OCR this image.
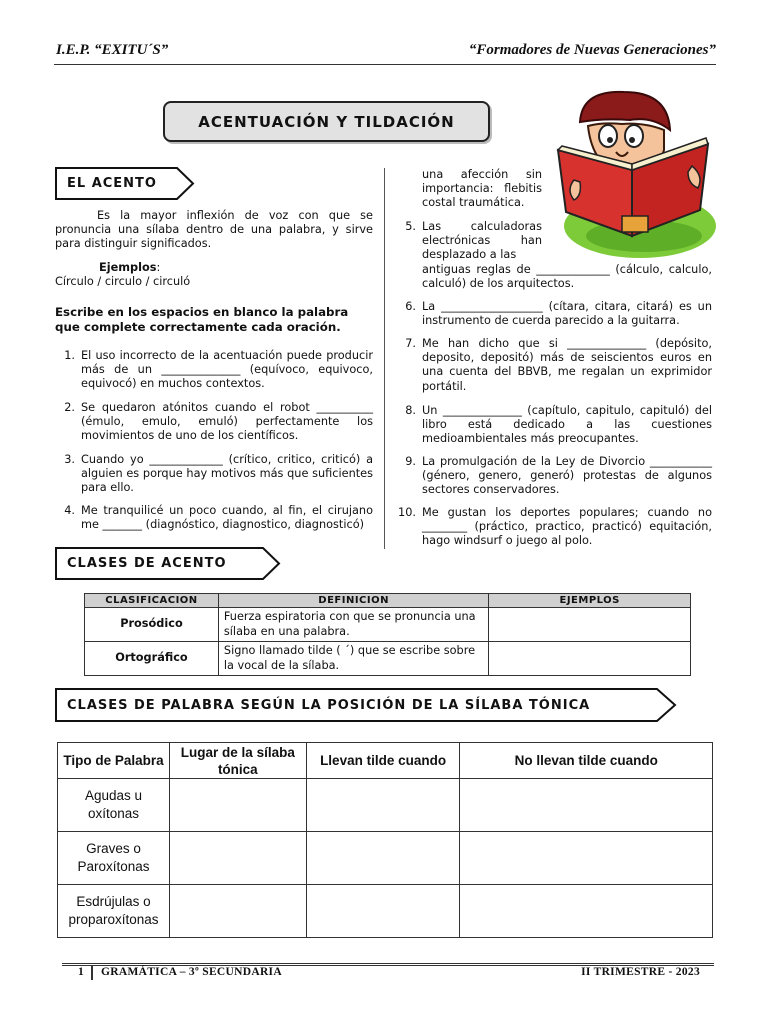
I.E.P. “EXITU´S”	“Formadores de Nuevas Generaciones”
ACENTUACIÓN Y TILDACIÓN
EL ACENTO
Es la mayor inflexión de voz con que se pronuncia una sílaba dentro de una palabra, y sirve para distinguir significados.
Ejemplos:
Círculo / circulo / circuló
Escribe en los espacios en blanco la palabra que complete correctamente cada oración.
1. El uso incorrecto de la acentuación puede producir más de un ______________ (equívoco, equivoco, equivocó) en muchos contextos.
2. Se quedaron atónitos cuando el robot __________ (émulo, emulo, emuló) perfectamente los movimientos de uno de los científicos.
3. Cuando yo _____________ (crítico, critico, criticó) a alguien es porque hay motivos más que suficientes para ello.
4. Me tranquilicé un poco cuando, al fin, el cirujano me _______ (diagnóstico, diagnostico, diagnosticó)
una afección sin importancia: flebitis costal traumática.
5. Las calculadoras electrónicas han desplazado a las
antiguas reglas de _____________ (cálculo, calculo, calculó) de los arquitectos.
6. La __________________ (cítara, citara, citará) es un instrumento de cuerda parecido a la guitarra.
7. Me han dicho que si ______________ (depósito, deposito, depositó) más de seiscientos euros en una cuenta del BBVB, me regalan un exprimidor portátil.
8. Un ______________ (capítulo, capitulo, capituló) del libro está dedicado a las cuestiones medioambientales más preocupantes.
9. La promulgación de la Ley de Divorcio ___________ (género, genero, generó) protestas de algunos sectores conservadores.
10. Me gustan los deportes populares; cuando no ________ (práctico, practico, practicó) equitación, hago windsurf o juego al polo.
CLASES DE ACENTO
CLASIFICACION	DEFINICION	EJEMPLOS
Prosódico	Fuerza espiratoria con que se pronuncia una sílaba en una palabra.	
Ortográfico	Signo llamado tilde ( ´) que se escribe sobre la vocal de la sílaba.	
CLASES DE PALABRA SEGÚN LA POSICIÓN DE LA SÍLABA TÓNICA
Tipo de Palabra	Lugar de la sílaba tónica	Llevan tilde cuando	No llevan tilde cuando
Agudas u oxítonas			
Graves o Paroxítonas			
Esdrújulas o proparoxítonas			
1 GRAMÁTICA – 3º SECUNDARIA	II TRIMESTRE - 2023
